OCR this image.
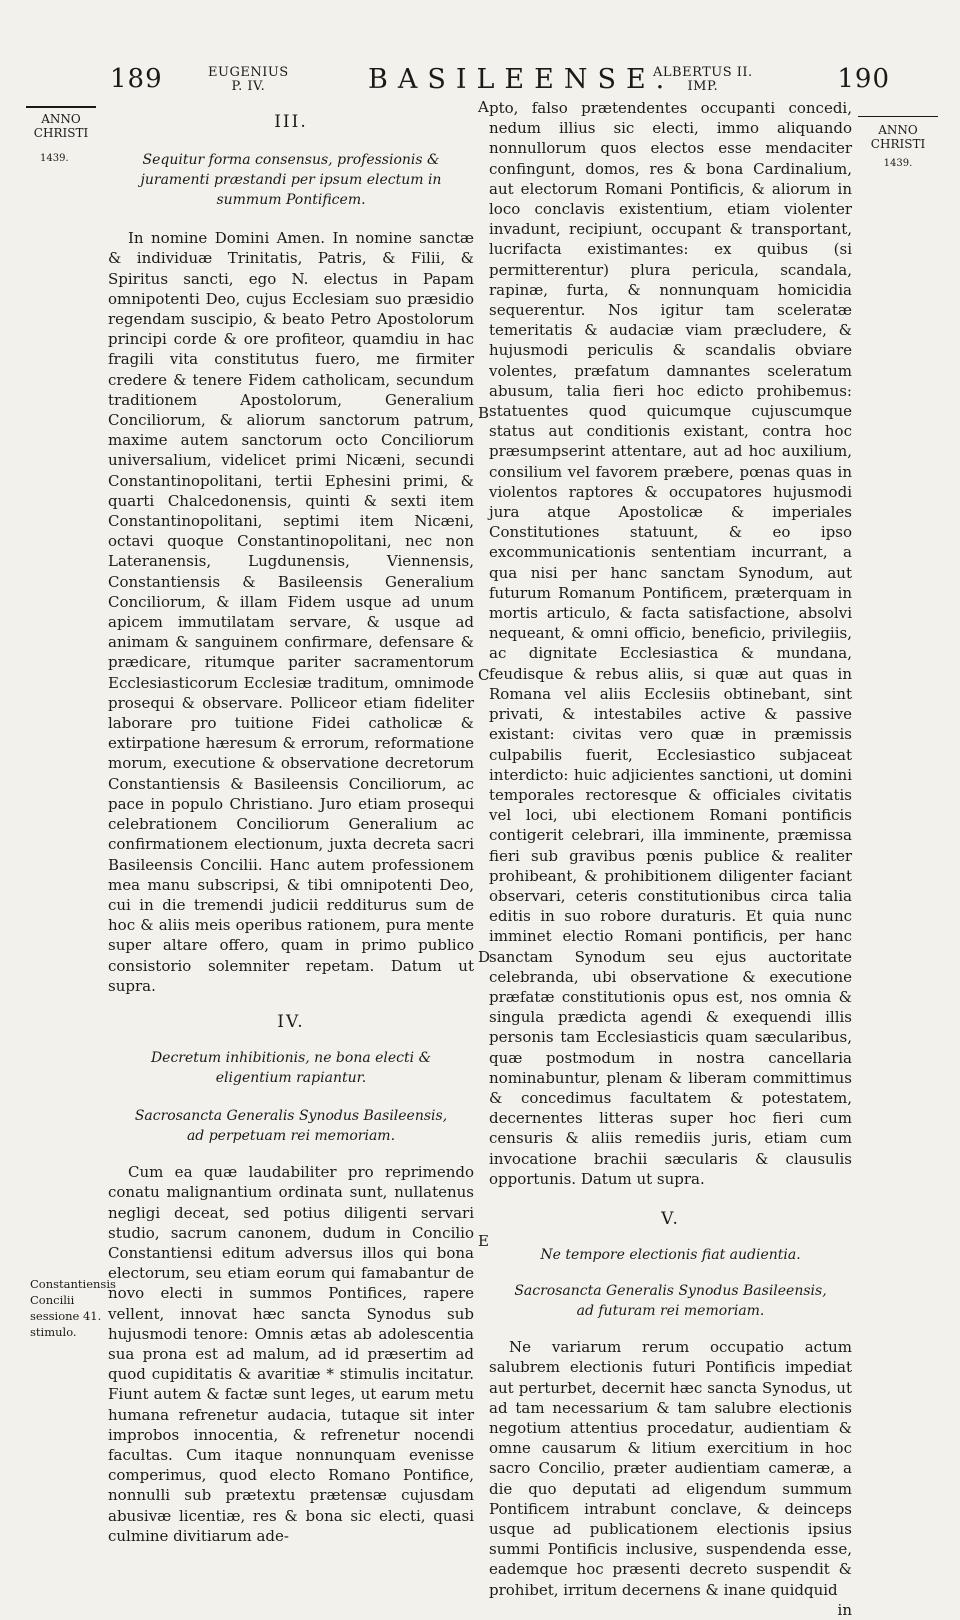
189	EUGENIUS
P. IV.	BASILEENSE.
ALBERTUS II.
IMP.	190
ANNO CHRISTI
1439.
ANNO CHRISTI
1439.
Constantiensis Concilii sessione 41. stimulo.
A
B
C
D
E
III.
Sequitur forma consensus, professionis & juramenti præstandi per ipsum electum in summum Pontificem.

In nomine Domini Amen. In nomine sanctæ & individuæ Trinitatis, Patris, & Filii, & Spiritus sancti, ego N. electus in Papam omnipotenti Deo, cujus Ecclesiam suo præsidio regendam suscipio, & beato Petro Apostolorum principi corde & ore profiteor, quamdiu in hac fragili vita constitutus fuero, me firmiter credere & tenere Fidem catholicam, secundum traditionem Apostolorum, Generalium Conciliorum, & aliorum sanctorum patrum, maxime autem sanctorum octo Conciliorum universalium, videlicet primi Nicæni, secundi Constantinopolitani, tertii Ephesini primi, & quarti Chalcedonensis, quinti & sexti item Constantinopolitani, septimi item Nicæni, octavi quoque Constantinopolitani, nec non Lateranensis, Lugdunensis, Viennensis, Constantiensis & Basileensis Generalium Conciliorum, & illam Fidem usque ad unum apicem immutilatam servare, & usque ad animam & sanguinem confirmare, defensare & prædicare, ritumque pariter sacramentorum Ecclesiasticorum Ecclesiæ traditum, omnimode prosequi & observare. Polliceor etiam fideliter laborare pro tuitione Fidei catholicæ & extirpatione hæresum & errorum, reformatione morum, executione & observatione decretorum Constantiensis & Basileensis Conciliorum, ac pace in populo Christiano. Juro etiam prosequi celebrationem Conciliorum Generalium ac confirmationem electionum, juxta decreta sacri Basileensis Concilii. Hanc autem professionem mea manu subscripsi, & tibi omnipotenti Deo, cui in die tremendi judicii redditurus sum de hoc & aliis meis operibus rationem, pura mente super altare offero, quam in primo publico consistorio solemniter repetam. Datum ut supra.

IV.
Decretum inhibitionis, ne bona electi & eligentium rapiantur.
Sacrosancta Generalis Synodus Basileensis, ad perpetuam rei memoriam.

Cum ea quæ laudabiliter pro reprimendo conatu malignantium ordinata sunt, nullatenus negligi deceat, sed potius diligenti servari studio, sacrum canonem, dudum in Concilio Constantiensi editum adversus illos qui bona electorum, seu etiam eorum qui famabantur de novo electi in summos Pontifices, rapere vellent, innovat hæc sancta Synodus sub hujusmodi tenore: Omnis ætas ab adolescentia sua prona est ad malum, ad id præsertim ad quod cupiditatis & avaritiæ * stimulis incitatur. Fiunt autem & factæ sunt leges, ut earum metu humana refrenetur audacia, tutaque sit inter improbos innocentia, & refrenetur nocendi facultas. Cum itaque nonnunquam evenisse comperimus, quod electo Romano Pontifice, nonnulli sub prætextu prætensæ cujusdam abusivæ licentiæ, res & bona sic electi, quasi culmine divitiarum ade-

pto, falso prætendentes occupanti concedi, nedum illius sic electi, immo aliquando nonnullorum quos electos esse mendaciter confingunt, domos, res & bona Cardinalium, aut electorum Romani Pontificis, & aliorum in loco conclavis existentium, etiam violenter invadunt, recipiunt, occupant & transportant, lucrifacta existimantes: ex quibus (si permitterentur) plura pericula, scandala, rapinæ, furta, & nonnunquam homicidia sequerentur. Nos igitur tam sceleratæ temeritatis & audaciæ viam præcludere, & hujusmodi periculis & scandalis obviare volentes, præfatum damnantes sceleratum abusum, talia fieri hoc edicto prohibemus: statuentes quod quicumque cujuscumque status aut conditionis existant, contra hoc præsumpserint attentare, aut ad hoc auxilium, consilium vel favorem præbere, pœnas quas in violentos raptores & occupatores hujusmodi jura atque Apostolicæ & imperiales Constitutiones statuunt, & eo ipso excommunicationis sententiam incurrant, a qua nisi per hanc sanctam Synodum, aut futurum Romanum Pontificem, præterquam in mortis articulo, & facta satisfactione, absolvi nequeant, & omni officio, beneficio, privilegiis, ac dignitate Ecclesiastica & mundana, feudisque & rebus aliis, si quæ aut quas in Romana vel aliis Ecclesiis obtinebant, sint privati, & intestabiles active & passive existant: civitas vero quæ in præmissis culpabilis fuerit, Ecclesiastico subjaceat interdicto: huic adjicientes sanctioni, ut domini temporales rectoresque & officiales civitatis vel loci, ubi electionem Romani pontificis contigerit celebrari, illa imminente, præmissa fieri sub gravibus pœnis publice & realiter prohibeant, & prohibitionem diligenter faciant observari, ceteris constitutionibus circa talia editis in suo robore duraturis. Et quia nunc imminet electio Romani pontificis, per hanc sanctam Synodum seu ejus auctoritate celebranda, ubi observatione & executione præfatæ constitutionis opus est, nos omnia & singula prædicta agendi & exequendi illis personis tam Ecclesiasticis quam sæcularibus, quæ postmodum in nostra cancellaria nominabuntur, plenam & liberam committimus & concedimus facultatem & potestatem, decernentes litteras super hoc fieri cum censuris & aliis remediis juris, etiam cum invocatione brachii sæcularis & clausulis opportunis. Datum ut supra.

V.
Ne tempore electionis fiat audientia.
Sacrosancta Generalis Synodus Basileensis, ad futuram rei memoriam.

Ne variarum rerum occupatio actum salubrem electionis futuri Pontificis impediat aut perturbet, decernit hæc sancta Synodus, ut ad tam necessarium & tam salubre electionis negotium attentius procedatur, audientiam & omne causarum & litium exercitium in hoc sacro Concilio, præter audientiam cameræ, a die quo deputati ad eligendum summum Pontificem intrabunt conclave, & deinceps usque ad publicationem electionis ipsius summi Pontificis inclusive, suspendenda esse, eademque hoc præsenti decreto suspendit & prohibet, irritum decernens & inane quidquid

in
